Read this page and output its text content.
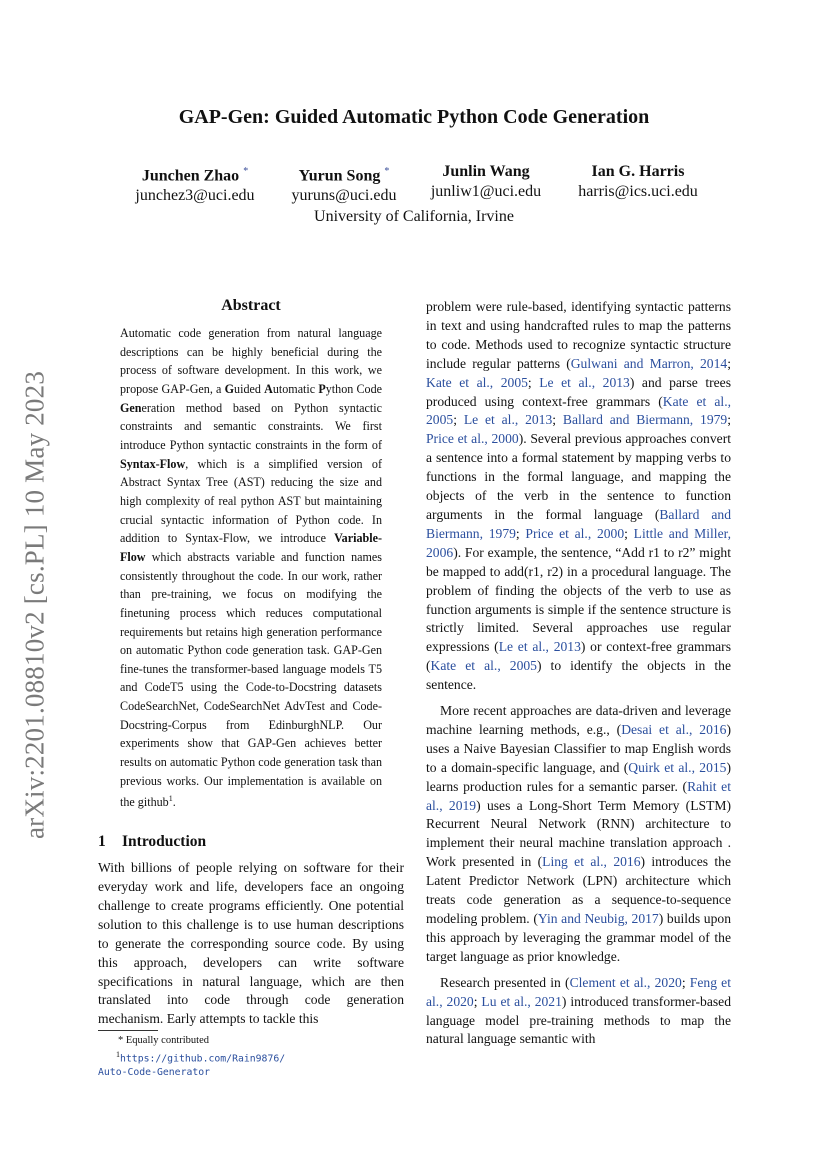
arXiv:2201.08810v2 [cs.PL] 10 May 2023
GAP-Gen: Guided Automatic Python Code Generation
Junchen Zhao *
junchez3@uci.edu
Yurun Song *
yuruns@uci.edu
Junlin Wang
junliw1@uci.edu
Ian G. Harris
harris@ics.uci.edu
University of California, Irvine
Abstract

Automatic code generation from natural language descriptions can be highly beneficial during the process of software development. In this work, we propose GAP-Gen, a Guided Automatic Python Code Generation method based on Python syntactic constraints and semantic constraints. We first introduce Python syntactic constraints in the form of Syntax-Flow, which is a simplified version of Abstract Syntax Tree (AST) reducing the size and high complexity of real python AST but maintaining crucial syntactic information of Python code. In addition to Syntax-Flow, we introduce Variable-Flow which abstracts variable and function names consistently throughout the code. In our work, rather than pre-training, we focus on modifying the finetuning process which reduces computational requirements but retains high generation performance on automatic Python code generation task. GAP-Gen fine-tunes the transformer-based language models T5 and CodeT5 using the Code-to-Docstring datasets CodeSearchNet, CodeSearchNet AdvTest and Code-Docstring-Corpus from EdinburghNLP. Our experiments show that GAP-Gen achieves better results on automatic Python code generation task than previous works. Our implementation is available on the github$^1$.

1 Introduction

With billions of people relying on software for their everyday work and life, developers face an ongoing challenge to create programs efficiently. One potential solution to this challenge is to use human descriptions to generate the corresponding source code. By using this approach, developers can write software specifications in natural language, which are then translated into code through code generation mechanism. Early attempts to tackle this

problem were rule-based, identifying syntactic patterns in text and using handcrafted rules to map the patterns to code. Methods used to recognize syntactic structure include regular patterns (Gulwani and Marron, 2014; Kate et al., 2005; Le et al., 2013) and parse trees produced using context-free grammars (Kate et al., 2005; Le et al., 2013; Ballard and Biermann, 1979; Price et al., 2000). Several previous approaches convert a sentence into a formal statement by mapping verbs to functions in the formal language, and mapping the objects of the verb in the sentence to function arguments in the formal language (Ballard and Biermann, 1979; Price et al., 2000; Little and Miller, 2006). For example, the sentence, “Add r1 to r2” might be mapped to add(r1, r2) in a procedural language. The problem of finding the objects of the verb to use as function arguments is simple if the sentence structure is strictly limited. Several approaches use regular expressions (Le et al., 2013) or context-free grammars (Kate et al., 2005) to identify the objects in the sentence.

More recent approaches are data-driven and leverage machine learning methods, e.g., (Desai et al., 2016) uses a Naive Bayesian Classifier to map English words to a domain-specific language, and (Quirk et al., 2015) learns production rules for a semantic parser. (Rahit et al., 2019) uses a Long-Short Term Memory (LSTM) Recurrent Neural Network (RNN) architecture to implement their neural machine translation approach . Work presented in (Ling et al., 2016) introduces the Latent Predictor Network (LPN) architecture which treats code generation as a sequence-to-sequence modeling problem. (Yin and Neubig, 2017) builds upon this approach by leveraging the grammar model of the target language as prior knowledge.

Research presented in (Clement et al., 2020; Feng et al., 2020; Lu et al., 2021) introduced transformer-based language model pre-training methods to map the natural language semantic with

* Equally contributed
$^1$https://github.com/Rain9876/
Auto-Code-Generator
